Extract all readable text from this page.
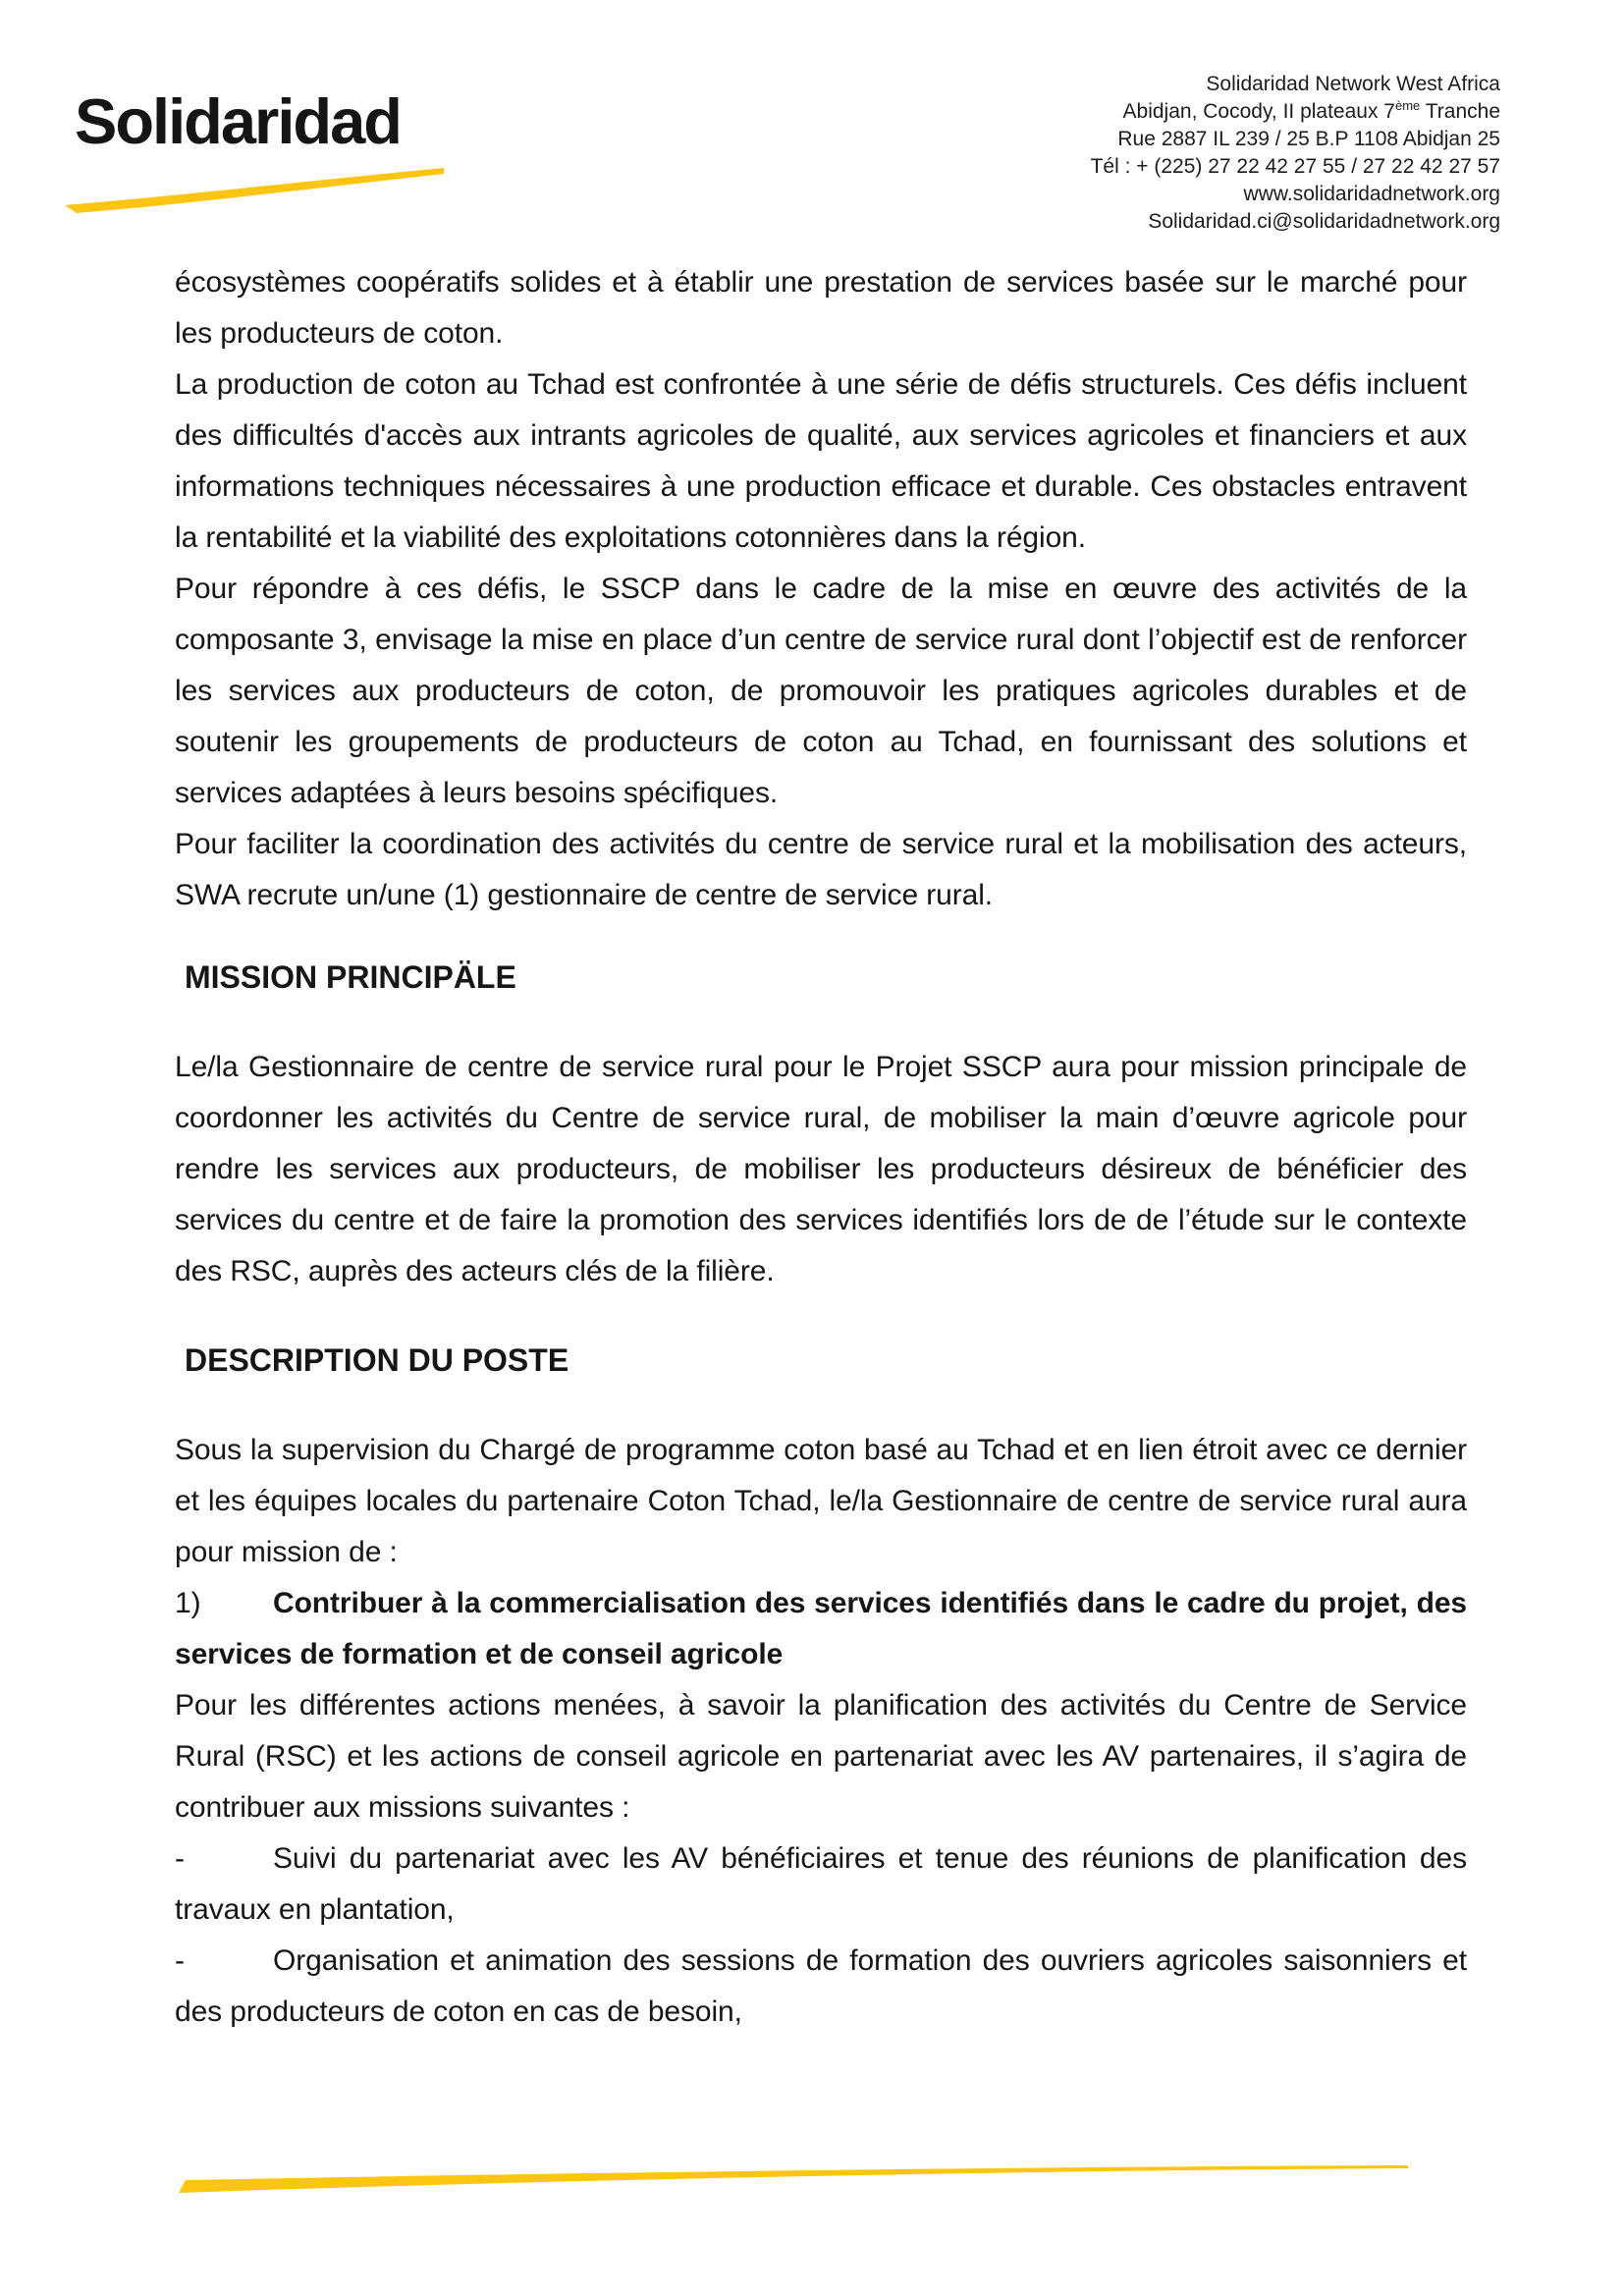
Solidaridad
Solidaridad Network West Africa
Abidjan, Cocody, II plateaux 7ème Tranche
Rue 2887 IL 239 / 25 B.P 1108 Abidjan 25
Tél : + (225) 27 22 42 27 55 / 27 22 42 27 57
www.solidaridadnetwork.org
Solidaridad.ci@solidaridadnetwork.org

écosystèmes coopératifs solides et à établir une prestation de services basée sur le marché pour les producteurs de coton.

La production de coton au Tchad est confrontée à une série de défis structurels. Ces défis incluent des difficultés d'accès aux intrants agricoles de qualité, aux services agricoles et financiers et aux informations techniques nécessaires à une production efficace et durable. Ces obstacles entravent la rentabilité et la viabilité des exploitations cotonnières dans la région.

Pour répondre à ces défis, le SSCP dans le cadre de la mise en œuvre des activités de la composante 3, envisage la mise en place d’un centre de service rural dont l’objectif est de renforcer les services aux producteurs de coton, de promouvoir les pratiques agricoles durables et de soutenir les groupements de producteurs de coton au Tchad, en fournissant des solutions et services adaptées à leurs besoins spécifiques.

Pour faciliter la coordination des activités du centre de service rural et la mobilisation des acteurs, SWA recrute un/une (1) gestionnaire de centre de service rural.

MISSION PRINCIPÄLE

Le/la Gestionnaire de centre de service rural pour le Projet SSCP aura pour mission principale de coordonner les activités du Centre de service rural, de mobiliser la main d’œuvre agricole pour rendre les services aux producteurs, de mobiliser les producteurs désireux de bénéficier des services du centre et de faire la promotion des services identifiés lors de de l’étude sur le contexte des RSC, auprès des acteurs clés de la filière.

DESCRIPTION DU POSTE

Sous la supervision du Chargé de programme coton basé au Tchad et en lien étroit avec ce dernier et les équipes locales du partenaire Coton Tchad, le/la Gestionnaire de centre de service rural aura pour mission de :

1) Contribuer à la commercialisation des services identifiés dans le cadre du projet, des services de formation et de conseil agricole

Pour les différentes actions menées, à savoir la planification des activités du Centre de Service Rural (RSC) et les actions de conseil agricole en partenariat avec les AV partenaires, il s’agira de contribuer aux missions suivantes :

-	Suivi du partenariat avec les AV bénéficiaires et tenue des réunions de planification des travaux en plantation,

-	Organisation et animation des sessions de formation des ouvriers agricoles saisonniers et des producteurs de coton en cas de besoin,
